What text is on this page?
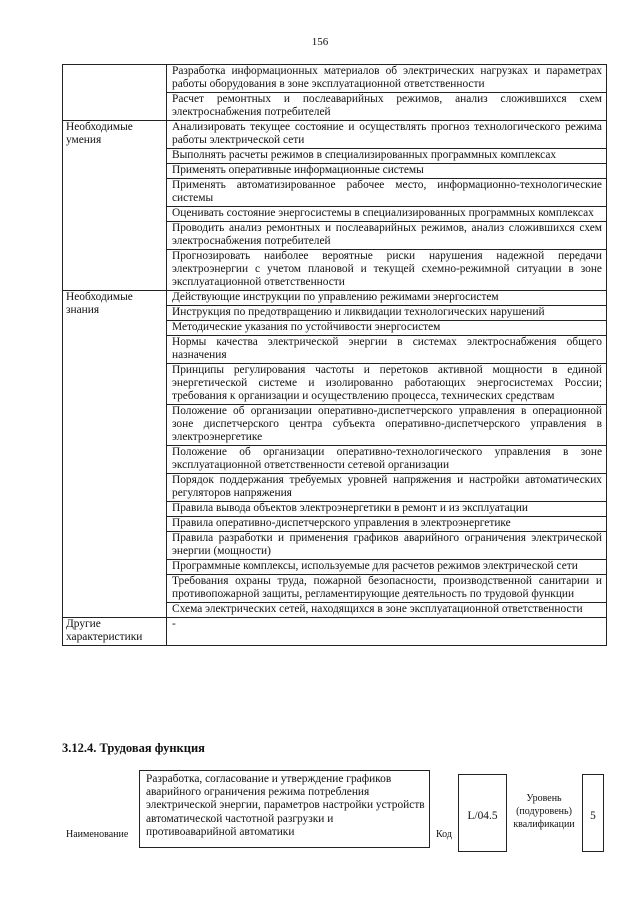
156
	Разработка информационных материалов об электрических нагрузках и параметрах работы оборудования в зоне эксплуатационной ответственности
	Расчет ремонтных и послеаварийных режимов, анализ сложившихся схем электроснабжения потребителей
Необходимые умения	Анализировать текущее состояние и осуществлять прогноз технологического режима работы электрической сети
	Выполнять расчеты режимов в специализированных программных комплексах
	Применять оперативные информационные системы
	Применять автоматизированное рабочее место, информационно-технологические системы
	Оценивать состояние энергосистемы в специализированных программных комплексах
	Проводить анализ ремонтных и послеаварийных режимов, анализ сложившихся схем электроснабжения потребителей
	Прогнозировать наиболее вероятные риски нарушения надежной передачи электроэнергии с учетом плановой и текущей схемно-режимной ситуации в зоне эксплуатационной ответственности
Необходимые знания	Действующие инструкции по управлению режимами энергосистем
	Инструкция по предотвращению и ликвидации технологических нарушений
	Методические указания по устойчивости энергосистем
	Нормы качества электрической энергии в системах электроснабжения общего назначения
	Принципы регулирования частоты и перетоков активной мощности в единой энергетической системе и изолированно работающих энергосистемах России; требования к организации и осуществлению процесса, технических средствам
	Положение об организации оперативно-диспетчерского управления в операционной зоне диспетчерского центра субъекта оперативно-диспетчерского управления в электроэнергетике
	Положение об организации оперативно-технологического управления в зоне эксплуатационной ответственности сетевой организации
	Порядок поддержания требуемых уровней напряжения и настройки автоматических регуляторов напряжения
	Правила вывода объектов электроэнергетики в ремонт и из эксплуатации
	Правила оперативно-диспетчерского управления в электроэнергетике
	Правила разработки и применения графиков аварийного ограничения электрической энергии (мощности)
	Программные комплексы, используемые для расчетов режимов электрической сети
	Требования охраны труда, пожарной безопасности, производственной санитарии и противопожарной защиты, регламентирующие деятельность по трудовой функции
	Схема электрических сетей, находящихся в зоне эксплуатационной ответственности
Другие характеристики	-
3.12.4. Трудовая функция
Наименование
Разработка, согласование и утверждение графиков аварийного ограничения режима потребления электрической энергии, параметров настройки устройств автоматической частотной разгрузки и противоаварийной автоматики	Код
L/04.5
Уровень (подуровень) квалификации
5
